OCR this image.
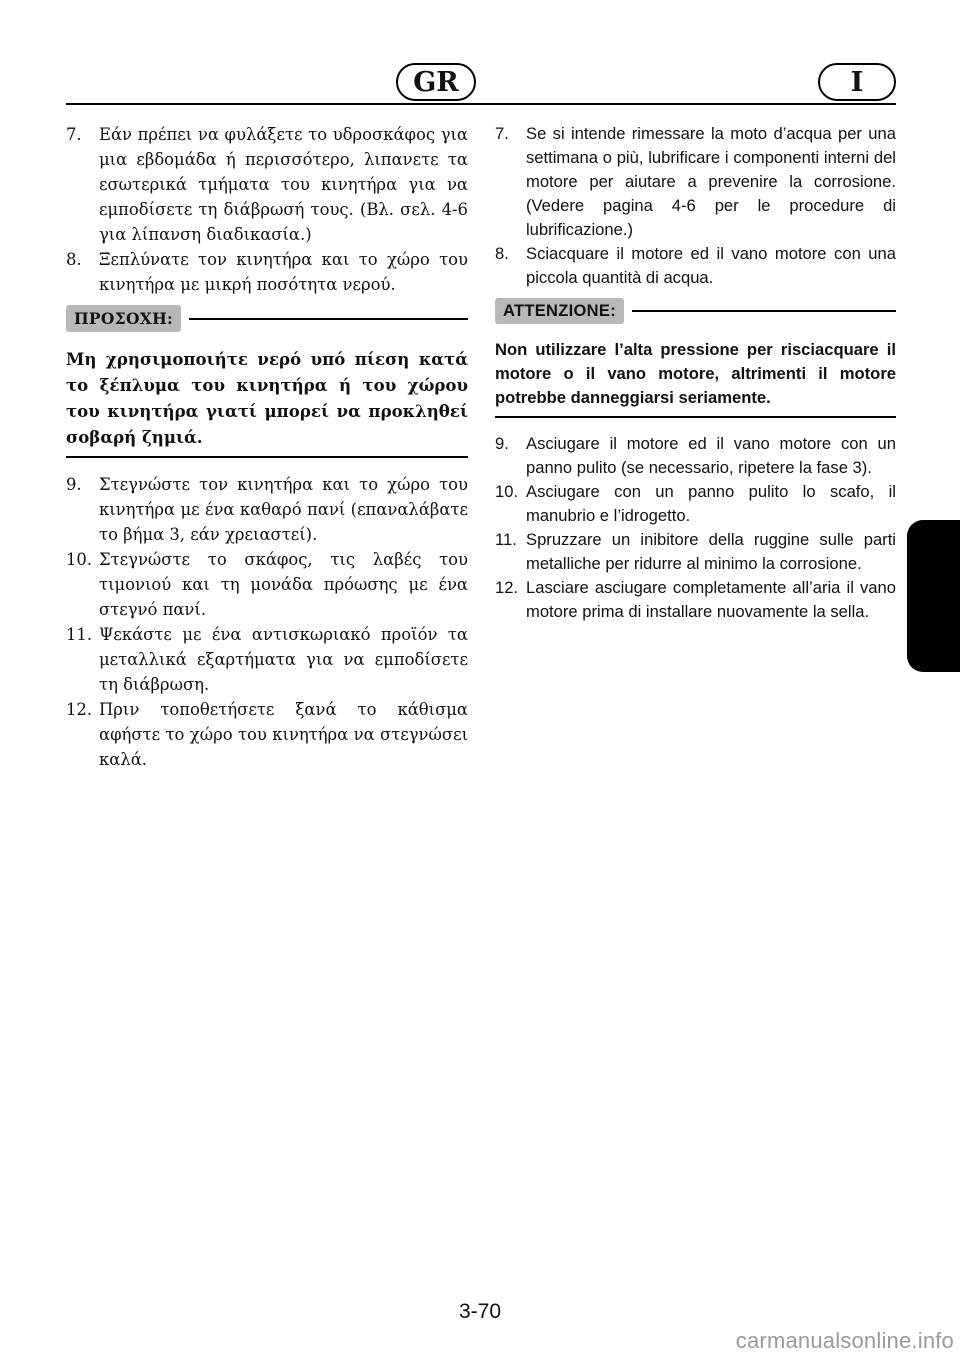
GR	I
7.	Εάν πρέπει να φυλάξετε το υδροσκάφος για μια εβδομάδα ή περισσότερο, λιπανετε τα εσωτερικά τμήματα του κινητήρα για να εμποδίσετε τη διάβρωσή τους. (Βλ. σελ. 4-6 για λίπανση διαδικασία.)
8.	Ξεπλύνατε τον κινητήρα και το χώρο του κινητήρα με μικρή ποσότητα νερού.
ΠΡΟΣΟΧΗ:
Μη χρησιμοποιήτε νερό υπό πίεση κατά το ξέπλυμα του κινητήρα ή του χώρου του κινητήρα γιατί μπορεί να προκληθεί σοβαρή ζημιά.
9.	Στεγνώστε τον κινητήρα και το χώρο του κινητήρα με ένα καθαρό πανί (επαναλάβατε το βήμα 3, εάν χρειαστεί).
10. Στεγνώστε το σκάφος, τις λαβές του τιμονιού και τη μονάδα πρόωσης με ένα στεγνό πανί.
11. Ψεκάστε με ένα αντισκωριακό προϊόν τα μεταλλικά εξαρτήματα για να εμποδίσετε τη διάβρωση.
12. Πριν τοποθετήσετε ξανά το κάθισμα αφήστε το χώρο του κινητήρα να στεγνώσει καλά.
7.	Se si intende rimessare la moto d’acqua per una settimana o più, lubrificare i componenti interni del motore per aiutare a prevenire la corrosione. (Vedere pagina 4-6 per le procedure di lubrificazione.)
8.	Sciacquare il motore ed il vano motore con una piccola quantità di acqua.
ATTENZIONE:
Non utilizzare l’alta pressione per risciacquare il motore o il vano motore, altrimenti il motore potrebbe danneggiarsi seriamente.
9.	Asciugare il motore ed il vano motore con un panno pulito (se necessario, ripetere la fase 3).
10. Asciugare con un panno pulito lo scafo, il manubrio e l’idrogetto.
11. Spruzzare un inibitore della ruggine sulle parti metalliche per ridurre al minimo la corrosione.
12. Lasciare asciugare completamente all’aria il vano motore prima di installare nuovamente la sella.
3-70
carmanualsonline.info
